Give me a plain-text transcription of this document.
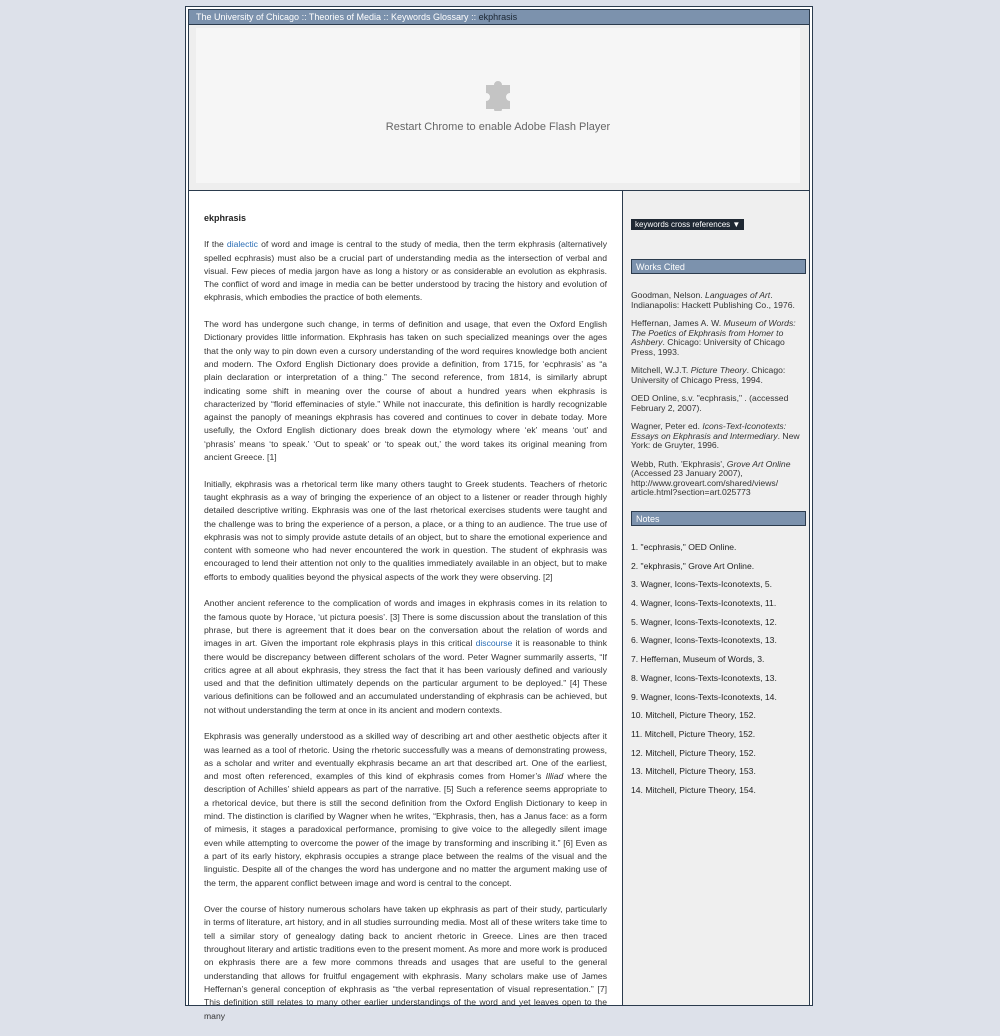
The University of Chicago :: Theories of Media :: Keywords Glossary :: ekphrasis
Restart Chrome to enable Adobe Flash Player
ekphrasis

If the dialectic of word and image is central to the study of media, then the term ekphrasis (alternatively spelled ecphrasis) must also be a crucial part of understanding media as the intersection of verbal and visual. Few pieces of media jargon have as long a history or as considerable an evolution as ekphrasis. The conflict of word and image in media can be better understood by tracing the history and evolution of ekphrasis, which embodies the practice of both elements.

The word has undergone such change, in terms of definition and usage, that even the Oxford English Dictionary provides little information. Ekphrasis has taken on such specialized meanings over the ages that the only way to pin down even a cursory understanding of the word requires knowledge both ancient and modern. The Oxford English Dictionary does provide a definition, from 1715, for ‘ecphrasis’ as “a plain declaration or interpretation of a thing.” The second reference, from 1814, is similarly abrupt indicating some shift in meaning over the course of about a hundred years when ekphrasis is characterized by “florid effeminacies of style.” While not inaccurate, this definition is hardly recognizable against the panoply of meanings ekphrasis has covered and continues to cover in debate today. More usefully, the Oxford English dictionary does break down the etymology where ‘ek’ means ‘out’ and ‘phrasis’ means ‘to speak.’ ‘Out to speak’ or ‘to speak out,’ the word takes its original meaning from ancient Greece. [1]

Initially, ekphrasis was a rhetorical term like many others taught to Greek students. Teachers of rhetoric taught ekphrasis as a way of bringing the experience of an object to a listener or reader through highly detailed descriptive writing. Ekphrasis was one of the last rhetorical exercises students were taught and the challenge was to bring the experience of a person, a place, or a thing to an audience. The true use of ekphrasis was not to simply provide astute details of an object, but to share the emotional experience and content with someone who had never encountered the work in question. The student of ekphrasis was encouraged to lend their attention not only to the qualities immediately available in an object, but to make efforts to embody qualities beyond the physical aspects of the work they were observing. [2]

Another ancient reference to the complication of words and images in ekphrasis comes in its relation to the famous quote by Horace, ‘ut pictura poesis’. [3] There is some discussion about the translation of this phrase, but there is agreement that it does bear on the conversation about the relation of words and images in art. Given the important role ekphrasis plays in this critical discourse it is reasonable to think there would be discrepancy between different scholars of the word. Peter Wagner summarily asserts, “If critics agree at all about ekphrasis, they stress the fact that it has been variously defined and variously used and that the definition ultimately depends on the particular argument to be deployed.” [4] These various definitions can be followed and an accumulated understanding of ekphrasis can be achieved, but not without understanding the term at once in its ancient and modern contexts.

Ekphrasis was generally understood as a skilled way of describing art and other aesthetic objects after it was learned as a tool of rhetoric. Using the rhetoric successfully was a means of demonstrating prowess, as a scholar and writer and eventually ekphrasis became an art that described art. One of the earliest, and most often referenced, examples of this kind of ekphrasis comes from Homer’s Illiad where the description of Achilles’ shield appears as part of the narrative. [5] Such a reference seems appropriate to a rhetorical device, but there is still the second definition from the Oxford English Dictionary to keep in mind. The distinction is clarified by Wagner when he writes, “Ekphrasis, then, has a Janus face: as a form of mimesis, it stages a paradoxical performance, promising to give voice to the allegedly silent image even while attempting to overcome the power of the image by transforming and inscribing it.” [6] Even as a part of its early history, ekphrasis occupies a strange place between the realms of the visual and the linguistic. Despite all of the changes the word has undergone and no matter the argument making use of the term, the apparent conflict between image and word is central to the concept.

Over the course of history numerous scholars have taken up ekphrasis as part of their study, particularly in terms of literature, art history, and in all studies surrounding media. Most all of these writers take time to tell a similar story of genealogy dating back to ancient rhetoric in Greece. Lines are then traced throughout literary and artistic traditions even to the present moment. As more and more work is produced on ekphrasis there are a few more commons threads and usages that are useful to the general understanding that allows for fruitful engagement with ekphrasis. Many scholars make use of James Heffernan’s general conception of ekphrasis as “the verbal representation of visual representation.” [7] This definition still relates to many other earlier understandings of the word and yet leaves open to the many

keywords cross references ▼
Works Cited
Goodman, Nelson. Languages of Art. Indianapolis: Hackett Publishing Co., 1976.
Heffernan, James A. W. Museum of Words: The Poetics of Ekphrasis from Homer to Ashbery. Chicago: University of Chicago Press, 1993.
Mitchell, W.J.T. Picture Theory. Chicago: University of Chicago Press, 1994.
OED Online, s.v. "ecphrasis," . (accessed February 2, 2007).
Wagner, Peter ed. Icons-Text-Iconotexts: Essays on Ekphrasis and Intermediary. New York: de Gruyter, 1996.
Webb, Ruth. 'Ekphrasis', Grove Art Online (Accessed 23 January 2007), http://www.groveart.com/shared/views/ article.html?section=art.025773
Notes
1. "ecphrasis," OED Online.
2. "ekphrasis," Grove Art Online.
3. Wagner, Icons-Texts-Iconotexts, 5.
4. Wagner, Icons-Texts-Iconotexts, 11.
5. Wagner, Icons-Texts-Iconotexts, 12.
6. Wagner, Icons-Texts-Iconotexts, 13.
7. Heffernan, Museum of Words, 3.
8. Wagner, Icons-Texts-Iconotexts, 13.
9. Wagner, Icons-Texts-Iconotexts, 14.
10. Mitchell, Picture Theory, 152.
11. Mitchell, Picture Theory, 152.
12. Mitchell, Picture Theory, 152.
13. Mitchell, Picture Theory, 153.
14. Mitchell, Picture Theory, 154.
